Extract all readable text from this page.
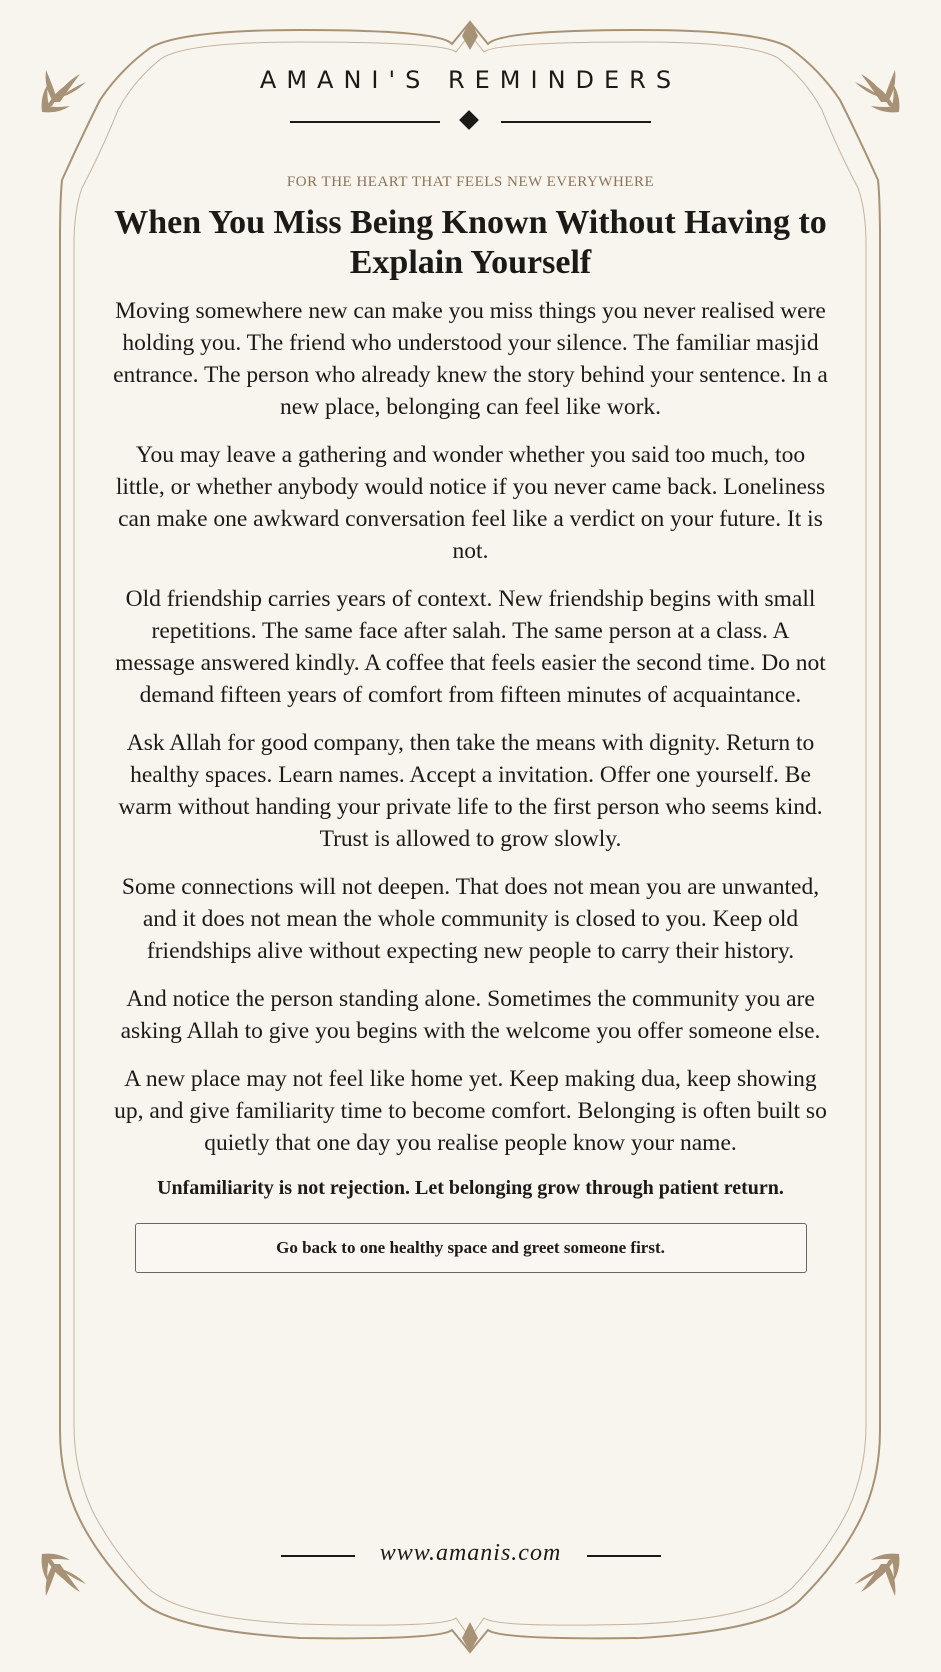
AMANI'S REMINDERS
FOR THE HEART THAT FEELS NEW EVERYWHERE
When You Miss Being Known Without Having to Explain Yourself

Moving somewhere new can make you miss things you never realised were holding you. The friend who understood your silence. The familiar masjid entrance. The person who already knew the story behind your sentence. In a new place, belonging can feel like work.

You may leave a gathering and wonder whether you said too much, too little, or whether anybody would notice if you never came back. Loneliness can make one awkward conversation feel like a verdict on your future. It is not.

Old friendship carries years of context. New friendship begins with small repetitions. The same face after salah. The same person at a class. A message answered kindly. A coffee that feels easier the second time. Do not demand fifteen years of comfort from fifteen minutes of acquaintance.

Ask Allah for good company, then take the means with dignity. Return to healthy spaces. Learn names. Accept a invitation. Offer one yourself. Be warm without handing your private life to the first person who seems kind. Trust is allowed to grow slowly.

Some connections will not deepen. That does not mean you are unwanted, and it does not mean the whole community is closed to you. Keep old friendships alive without expecting new people to carry their history.

And notice the person standing alone. Sometimes the community you are asking Allah to give you begins with the welcome you offer someone else.

A new place may not feel like home yet. Keep making dua, keep showing up, and give familiarity time to become comfort. Belonging is often built so quietly that one day you realise people know your name.

Unfamiliarity is not rejection. Let belonging grow through patient return.
Go back to one healthy space and greet someone first.
www.amanis.com
